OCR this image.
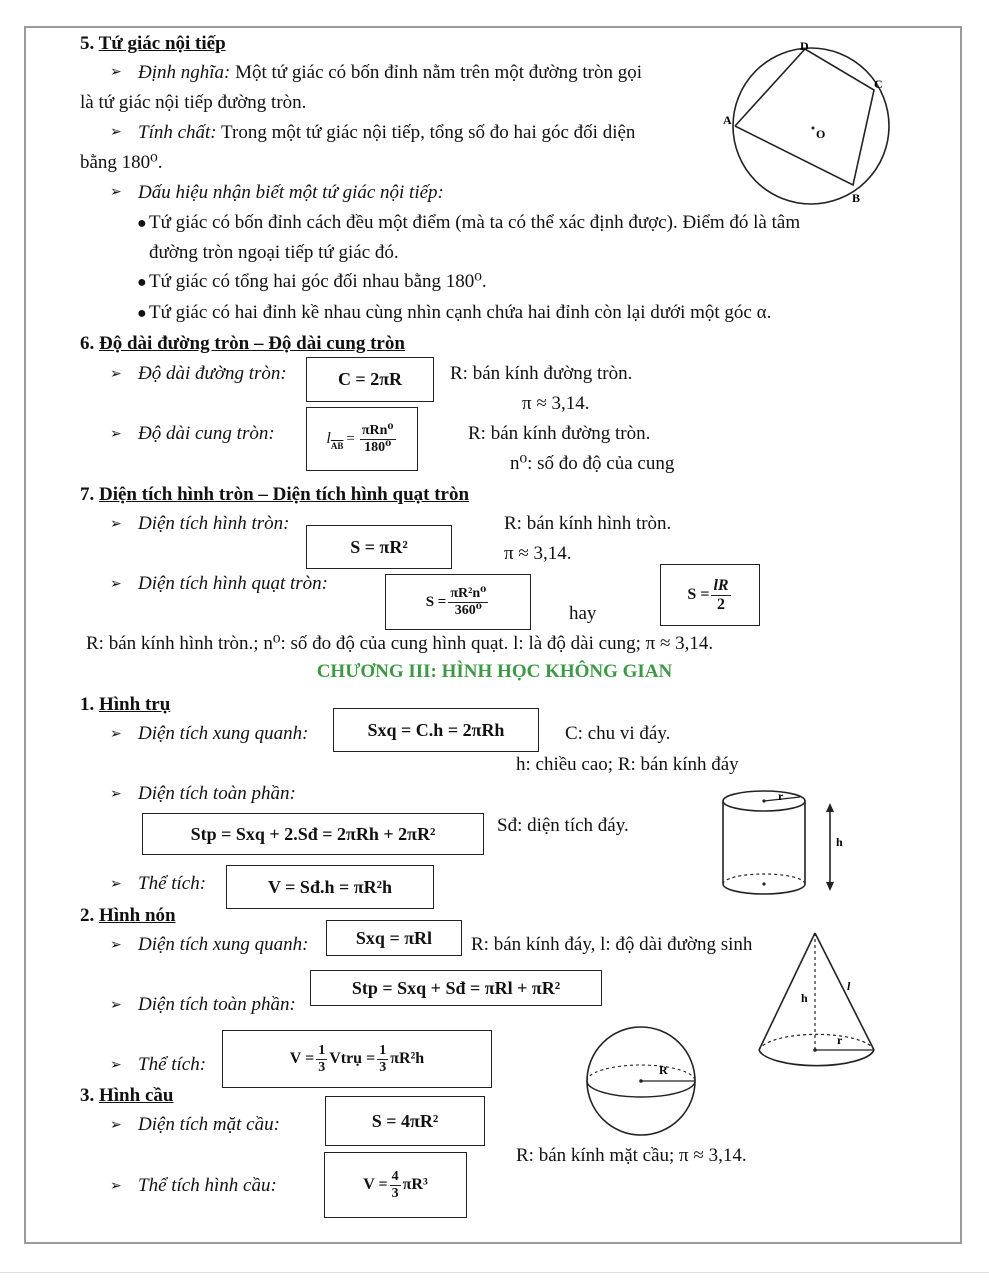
5. Tứ giác nội tiếp
➢ Định nghĩa: Một tứ giác có bốn đỉnh nằm trên một đường tròn gọi
là tứ giác nội tiếp đường tròn.
➢ Tính chất: Trong một tứ giác nội tiếp, tổng số đo hai góc đối diện
bằng 180⁰.
➢ Dấu hiệu nhận biết một tứ giác nội tiếp:
● Tứ giác có bốn đỉnh cách đều một điểm (mà ta có thể xác định được). Điểm đó là tâm
đường tròn ngoại tiếp tứ giác đó.
● Tứ giác có tổng hai góc đối nhau bằng 180⁰.
● Tứ giác có hai đỉnh kề nhau cùng nhìn cạnh chứa hai đỉnh còn lại dưới một góc α.
A
D
C
B
O
6. Độ dài đường tròn – Độ dài cung tròn
➢ Độ dài đường tròn:	C = 2πR	R: bán kính đường tròn.
π ≈ 3,14.
➢ Độ dài cung tròn:	l $\overline{AB} = \frac{\text{πRn⁰}}{\text{180⁰}}$	R: bán kính đường tròn.
n⁰: số đo độ của cung
7. Diện tích hình tròn – Diện tích hình quạt tròn
➢ Diện tích hình tròn:
S = πR²
R: bán kính hình tròn.
π ≈ 3,14.
➢ Diện tích hình quạt tròn:
$S = \frac{\text{πR²n⁰}}{\text{360⁰}}$	hay
$S = \frac{lR}{2}$
R: bán kính hình tròn.; n⁰: số đo độ của cung hình quạt. l: là độ dài cung; π ≈ 3,14.
CHƯƠNG III: HÌNH HỌC KHÔNG GIAN
1. Hình trụ
➢ Diện tích xung quanh:	Sxq = C.h = 2πRh	C: chu vi đáy.
h: chiều cao; R: bán kính đáy
➢ Diện tích toàn phần:
Stp = Sxq + 2.Sđ = 2πRh + 2πR²	Sđ: diện tích đáy.
➢ Thể tích:	V = Sđ.h = πR²h
r
h
2. Hình nón
➢ Diện tích xung quanh:	Sxq = πRl	R: bán kính đáy, l: độ dài đường sinh
➢ Diện tích toàn phần:
Stp = Sxq + Sđ = πRl + πR²
➢ Thể tích:	$V = \frac{1}{3}$ Vtrụ = $\frac{1}{3} \pi R^2h$
h
l
r
3. Hình cầu
➢ Diện tích mặt cầu:	S = 4πR²
➢ Thể tích hình cầu:	$V = \frac{4}{3} \pi R^3$
R: bán kính mặt cầu; π ≈ 3,14.
R
